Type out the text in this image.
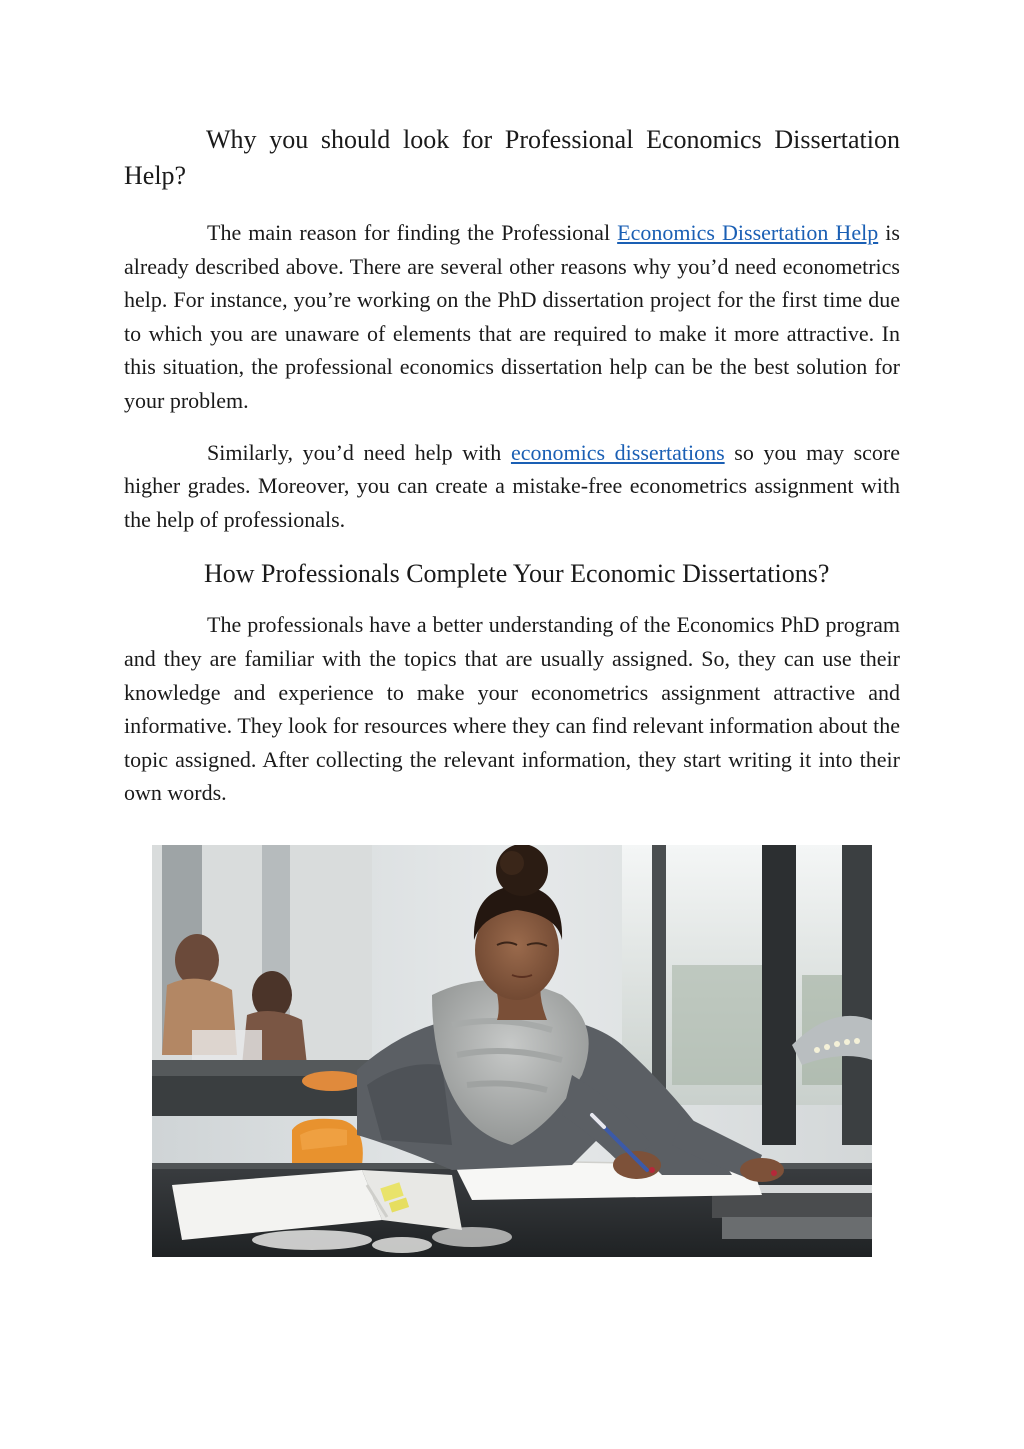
Why you should look for Professional Economics Dissertation Help?

The main reason for finding the Professional Economics Dissertation Help is already described above. There are several other reasons why you’d need econometrics help. For instance, you’re working on the PhD dissertation project for the first time due to which you are unaware of elements that are required to make it more attractive. In this situation, the professional economics dissertation help can be the best solution for your problem.

Similarly, you’d need help with economics dissertations so you may score higher grades. Moreover, you can create a mistake-free econometrics assignment with the help of professionals.

How Professionals Complete Your Economic Dissertations?

The professionals have a better understanding of the Economics PhD program and they are familiar with the topics that are usually assigned. So, they can use their knowledge and experience to make your econometrics assignment attractive and informative. They look for resources where they can find relevant information about the topic assigned. After collecting the relevant information, they start writing it into their own words.
